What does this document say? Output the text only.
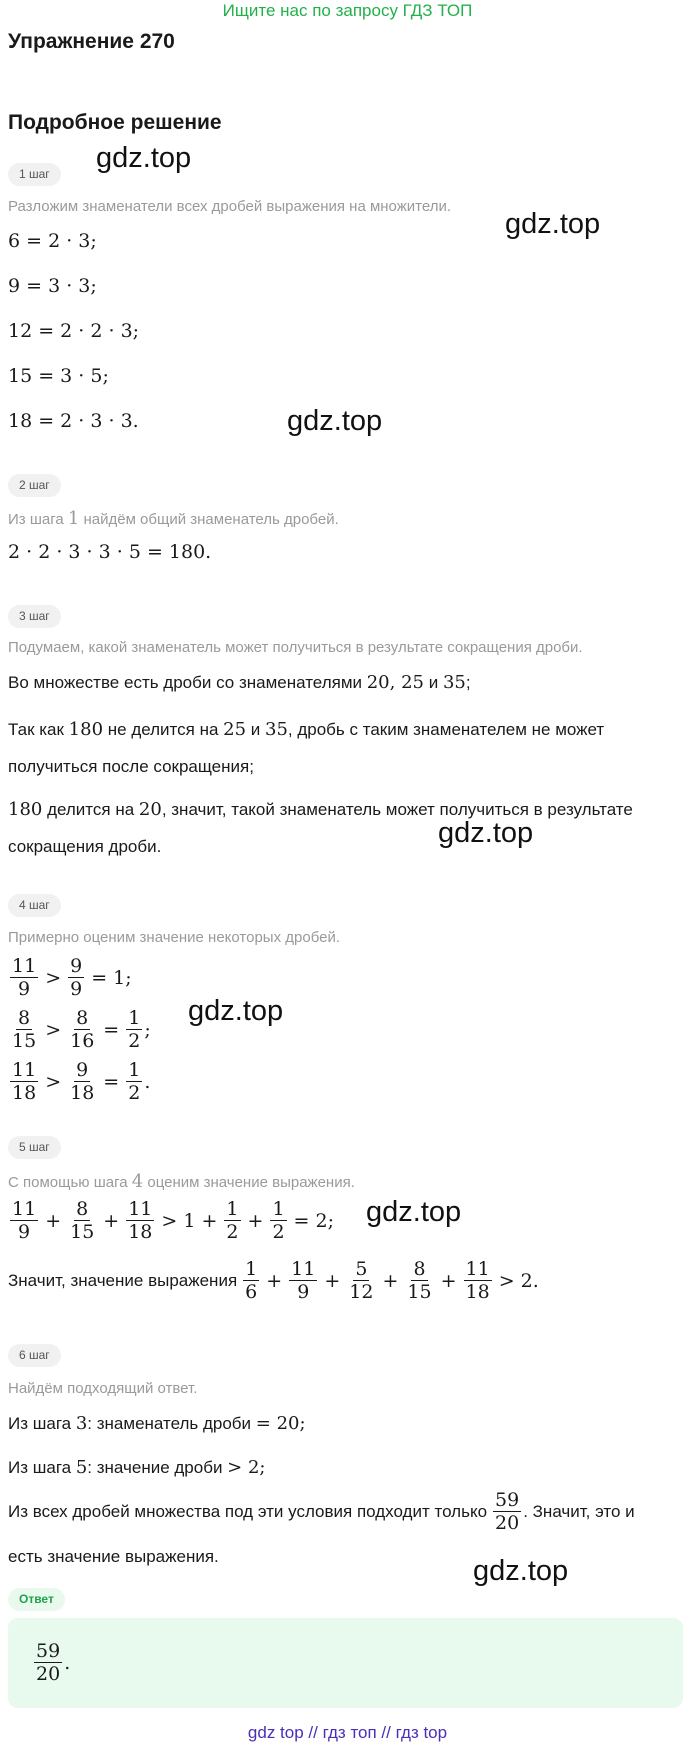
Ищите нас по запросу ГДЗ ТОП
Упражнение 270
Подробное решение
gdz.top
gdz.top
gdz.top
gdz.top
gdz.top
gdz.top
gdz.top
1 шаг
Разложим знаменатели всех дробей выражения на множители.
6 = 2 · 3;
9 = 3 · 3;
12 = 2 · 2 · 3;
15 = 3 · 5;
18 = 2 · 3 · 3.
2 шаг
Из шага 1 найдём общий знаменатель дробей.
2 · 2 · 3 · 3 · 5 = 180.
3 шаг
Подумаем, какой знаменатель может получиться в результате сокращения дроби.
Во множестве есть дроби со знаменателями 20, 25 и 35;
Так как 180 не делится на 25 и 35, дробь с таким знаменателем не может
получиться после сокращения;
180 делится на 20, значит, такой знаменатель может получиться в результате
сокращения дроби.
4 шаг
Примерно оценим значение некоторых дробей.
$\frac{11}{9} > \frac{9}{9} = 1$;
$\frac{8}{15} > \frac{8}{16} = \frac{1}{2}$ ;
$\frac{11}{18} > \frac{9}{18} = \frac{1}{2}$ .
5 шаг
С помощью шага 4 оценим значение выражения.
$\frac{11}{9} + \frac{8}{15} + \frac{11}{18} > 1 + \frac{1}{2} + \frac{1}{2} = 2$;
Значит, значение выражения $\frac{1}{6} + \frac{11}{9} + \frac{5}{12} + \frac{8}{15} + \frac{11}{18} > 2$.
6 шаг
Найдём подходящий ответ.
Из шага 3: знаменатель дроби = 20;
Из шага 5: значение дроби > 2;
Из всех дробей множества под эти условия подходит только $\frac{59}{20}$ . Значит, это и
есть значение выражения.
Ответ
$\frac{59}{20}$ .
gdz top // гдз топ // гдз top
